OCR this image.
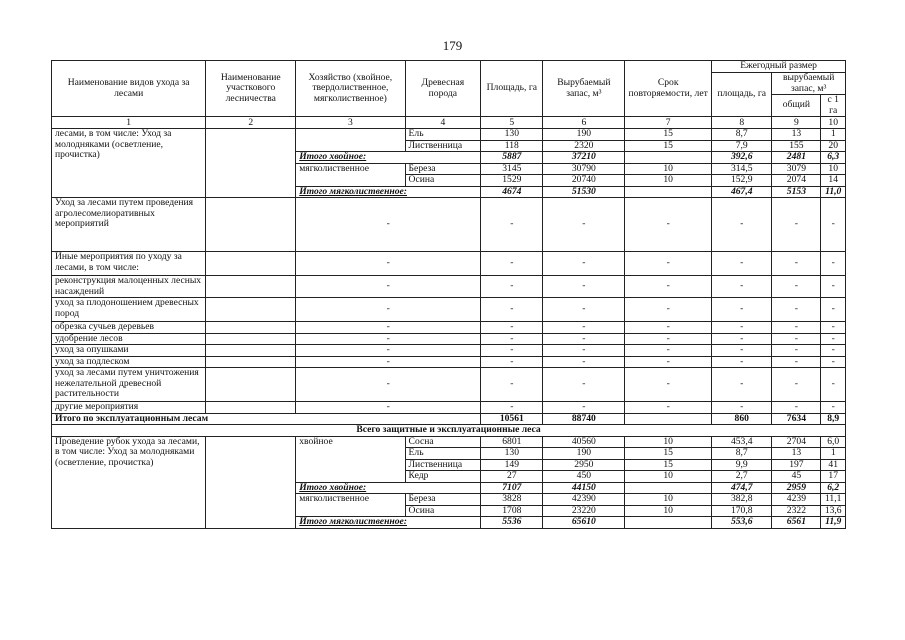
179
Наименование видов ухода за лесами	Наименование участкового лесничества	Хозяйство (хвойное, твердолиственное, мягколиственное)	Древесная порода	Площадь, га	Вырубаемый запас, м³	Срок повторяемости, лет	Ежегодный размер		
							площадь, га	вырубаемый запас, м³	
								общий	с 1 га
1	2	3	4	5	6	7	8	9	10
лесами, в том числе: Уход за молодняками (осветление, прочистка)			Ель	130	190	15	8,7	13	1
			Лиственница	118	2320	15	7,9	155	20
		Итого хвойное:		5887	37210		392,6	2481	6,3
		мягколиственное	Береза	3145	30790	10	314,5	3079	10
			Осина	1529	20740	10	152,9	2074	14
		Итого мягколиственное:		4674	51530		467,4	5153	11,0
Уход за лесами путем проведения агролесомелиоративных мероприятий		-		-	-	-	-	-	-
Иные мероприятия по уходу за лесами, в том числе:		-		-	-	-	-	-	-
реконструкция малоценных лесных насаждений		-		-	-	-	-	-	-
уход за плодоношением древесных пород		-		-	-	-	-	-	-
обрезка сучьев деревьев		-		-	-	-	-	-	-
удобрение лесов		-		-	-	-	-	-	-
уход за опушками		-		-	-	-	-	-	-
уход за подлеском		-		-	-	-	-	-	-
уход за лесами путем уничтожения нежелательной древесной растительности		-		-	-	-	-	-	-
другие мероприятия		-		-	-	-	-	-	-
Итого по эксплуатационным лесам				10561	88740		860	7634	8,9
Всего защитные и эксплуатационные леса									
Проведение рубок ухода за лесами, в том числе: Уход за молодняками (осветление, прочистка)		хвойное	Сосна	6801	40560	10	453,4	2704	6,0
			Ель	130	190	15	8,7	13	1
			Лиственница	149	2950	15	9,9	197	41
			Кедр	27	450	10	2,7	45	17
		Итого хвойное:		7107	44150		474,7	2959	6,2
		мягколиственное	Береза	3828	42390	10	382,8	4239	11,1
			Осина	1708	23220	10	170,8	2322	13,6
		Итого мягколиственное:		5536	65610		553,6	6561	11,9
